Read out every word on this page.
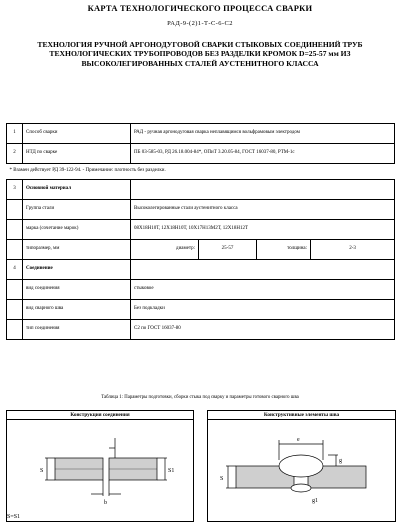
КАРТА ТЕХНОЛОГИЧЕСКОГО ПРОЦЕССА СВАРКИ
РАД-9-(2)1-Т-С-6-С2
ТЕХНОЛОГИЯ РУЧНОЙ АРГОНОДУГОВОЙ СВАРКИ СТЫКОВЫХ СОЕДИНЕНИЙ ТРУБ
ТЕХНОЛОГИЧЕСКИХ ТРУБОПРОВОДОВ БЕЗ РАЗДЕЛКИ КРОМОК D=25-57 мм ИЗ
ВЫСОКОЛЕГИРОВАННЫХ СТАЛЕЙ АУСТЕНИТНОГО КЛАССА
1	Способ сварки	РАД - ручная аргонодуговая сварка неплавящимся вольфрамовым электродом			
2	НТД по сварке	ПБ 03-585-03, РД 26.18.004-84*, ОПиТ 3.20.05-84, ГОСТ 16037-80, РТМ-1с			
* Взамен действует РД 39-122-94. - Примечание: плотность без разделки.					
3	Основной материал				
	Группа стали	Высоколегированные стали аустенитного класса			
	марка (сочетание марок)	08Х18Н10Т, 12Х18Н10Т, 10Х17Н13М2Т, 12Х18Н12Т			
	типоразмер, мм	диаметр:	25-57	толщина:	2-3
4	Соединение				
	вид соединения	стыковое			
	вид сварного шва	Без подкладки			
	тип соединения	С2 по ГОСТ 16037-80			
Таблица 1: Параметры подготовки, сборки стыка под сварку и параметры готового сварного шва
Конструкция соединения
S	S1
b
S=S1
Конструктивные элементы шва
e
g
S
g1
